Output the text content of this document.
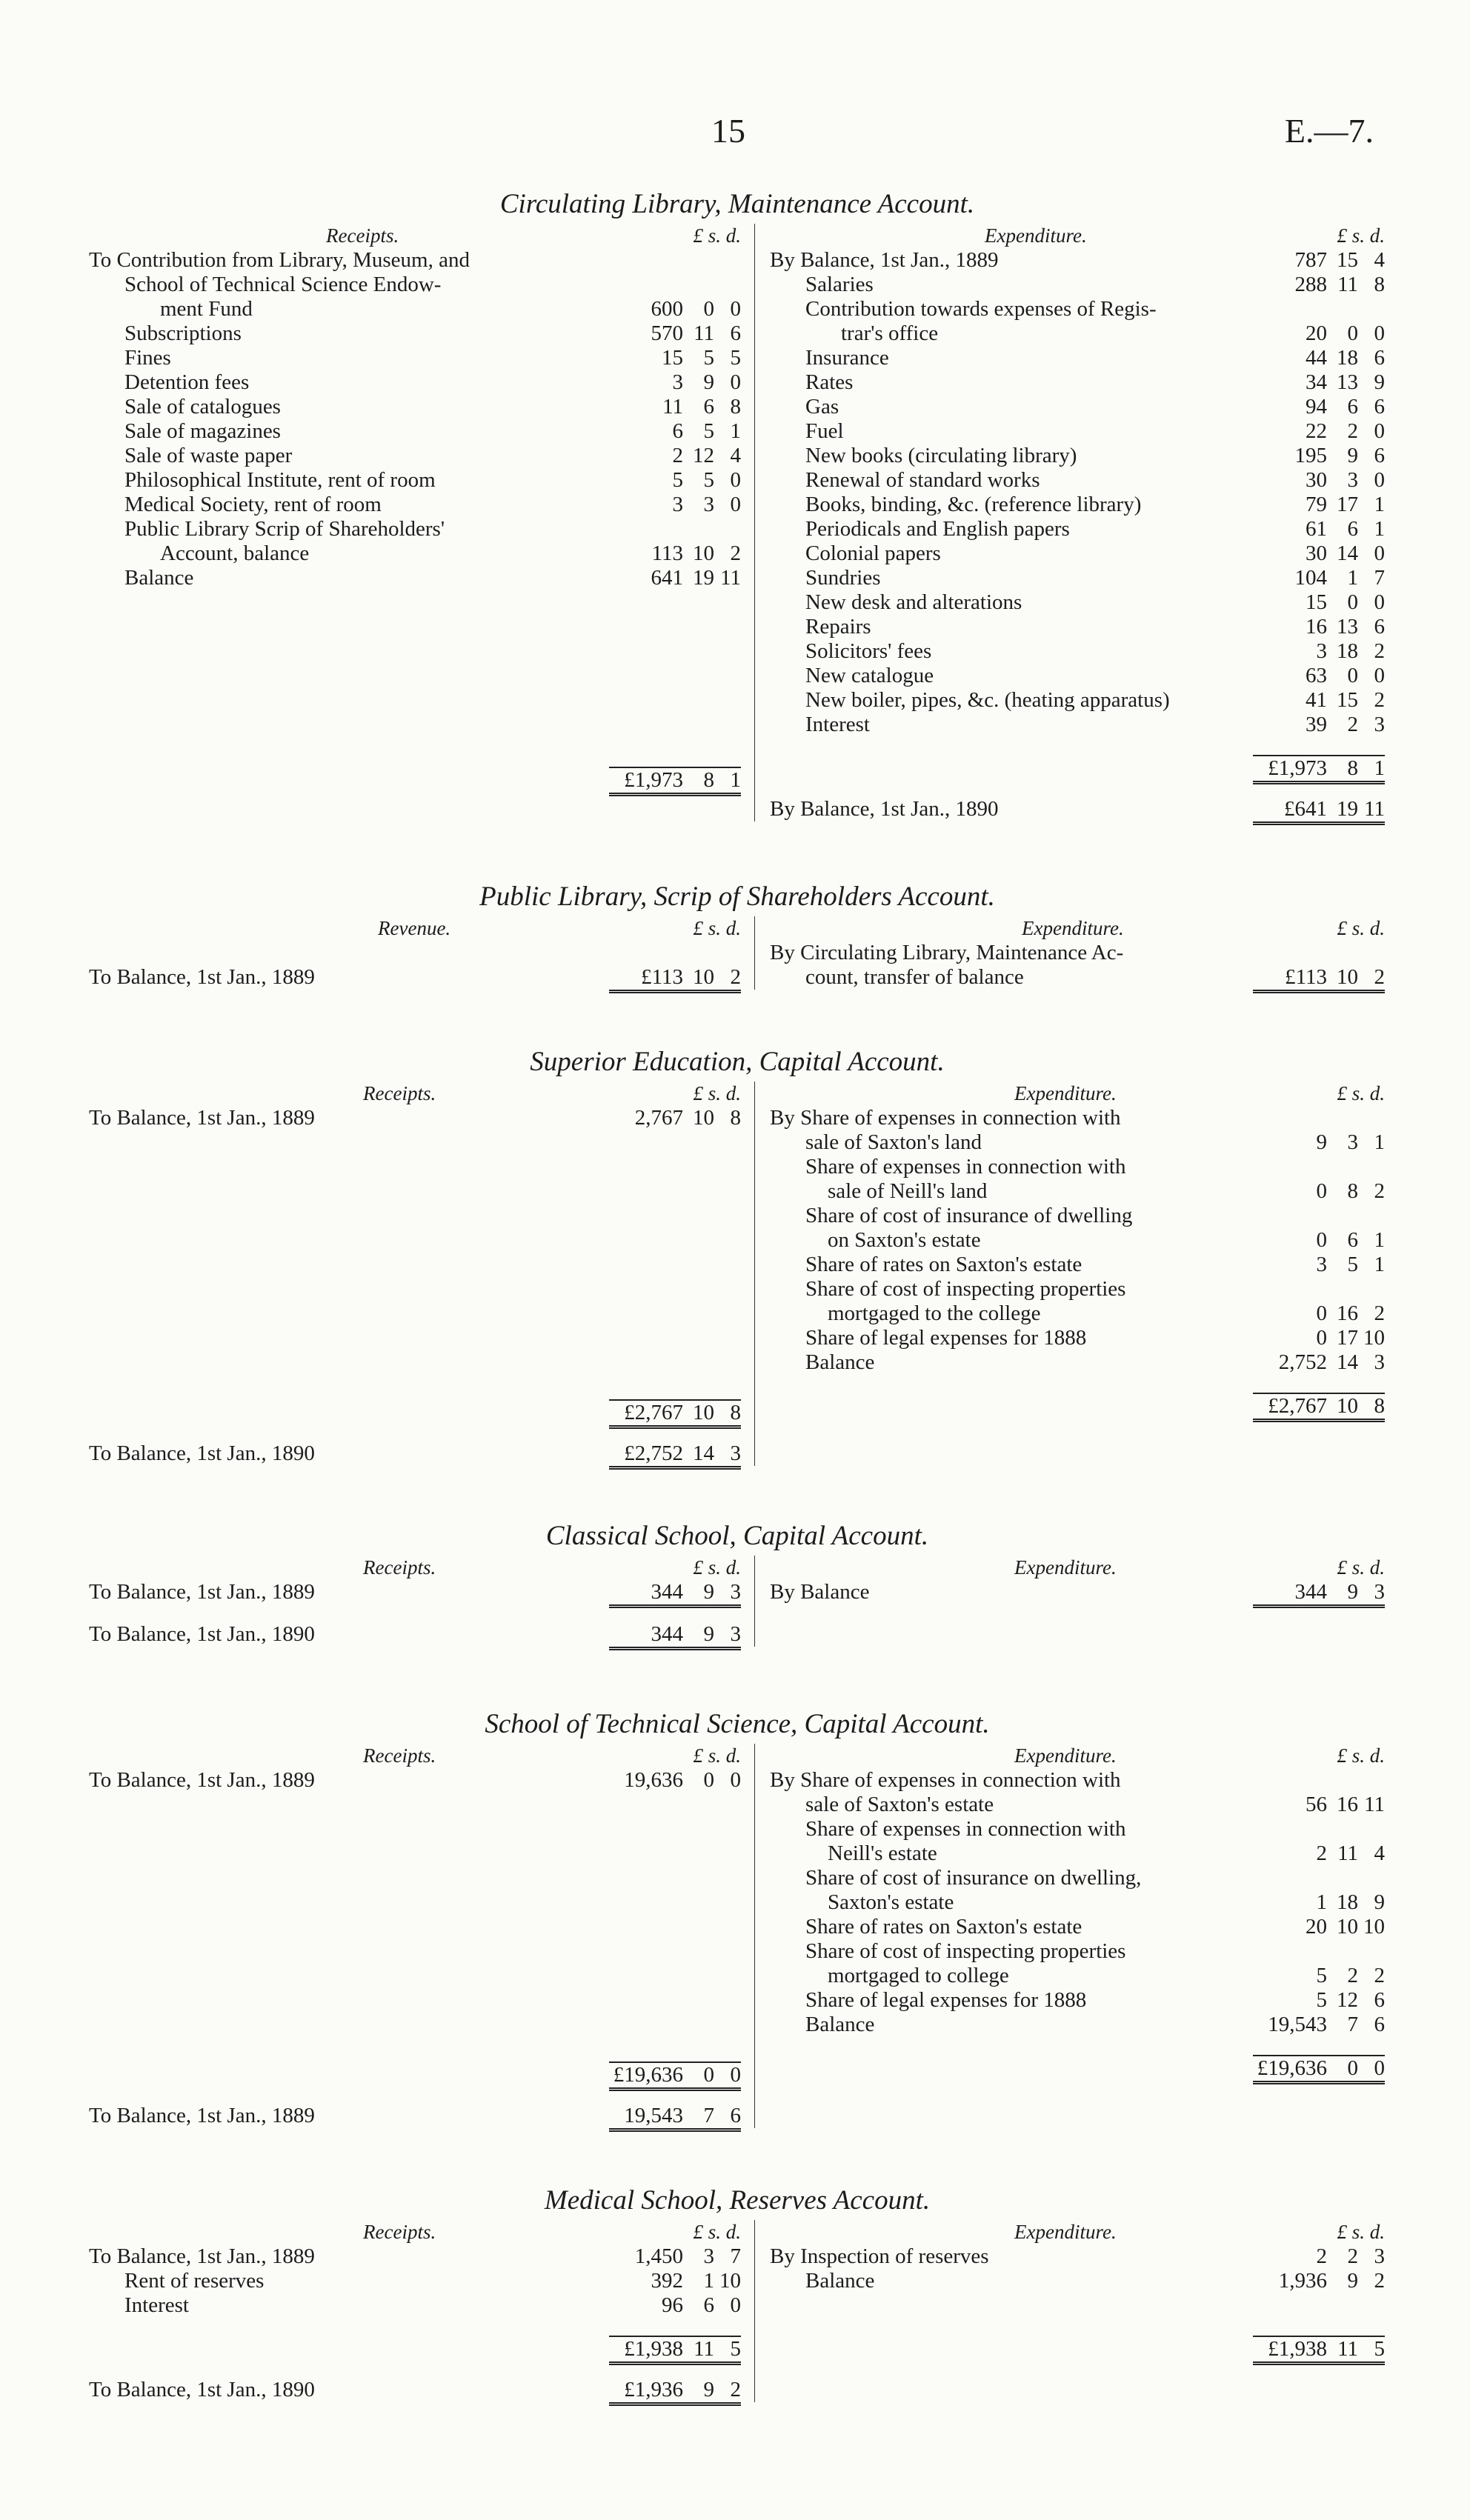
15	E.—7.
Circulating Library, Maintenance Account.
Receipts.	£ s. d.
To Contribution from Library, Museum, and
School of Technical Science Endow-
ment Fund	600 0 0
Subscriptions	570 11 6
Fines	15 5 5
Detention fees	3 9 0
Sale of catalogues	11 6 8
Sale of magazines	6 5 1
Sale of waste paper	2 12 4
Philosophical Institute, rent of room	5 5 0
Medical Society, rent of room	3 3 0
Public Library Scrip of Shareholders'
Account, balance	113 10 2
Balance	641 19 11
£1,973 8 1
Expenditure.	£ s. d.
By Balance, 1st Jan., 1889	787 15 4
Salaries	288 11 8
Contribution towards expenses of Regis-
trar's office	20 0 0
Insurance	44 18 6
Rates	34 13 9
Gas	94 6 6
Fuel	22 2 0
New books (circulating library)	195 9 6
Renewal of standard works	30 3 0
Books, binding, &c. (reference library)	79 17 1
Periodicals and English papers	61 6 1
Colonial papers	30 14 0
Sundries	104 1 7
New desk and alterations	15 0 0
Repairs	16 13 6
Solicitors' fees	3 18 2
New catalogue	63 0 0
New boiler, pipes, &c. (heating apparatus)	41 15 2
Interest	39 2 3
£1,973 8 1
By Balance, 1st Jan., 1890	£641 19 11
Public Library, Scrip of Shareholders Account.
Revenue.	£ s. d.
To Balance, 1st Jan., 1889	£113 10 2
Expenditure.	£ s. d.
By Circulating Library, Maintenance Ac-
count, transfer of balance	£113 10 2
Superior Education, Capital Account.
Receipts.	£ s. d.
To Balance, 1st Jan., 1889	2,767 10 8
£2,767 10 8
To Balance, 1st Jan., 1890	£2,752 14 3
Expenditure.	£ s. d.
By Share of expenses in connection with
sale of Saxton's land	9 3 1
Share of expenses in connection with
sale of Neill's land	0 8 2
Share of cost of insurance of dwelling
on Saxton's estate	0 6 1
Share of rates on Saxton's estate	3 5 1
Share of cost of inspecting properties
mortgaged to the college	0 16 2
Share of legal expenses for 1888	0 17 10
Balance	2,752 14 3
£2,767 10 8
Classical School, Capital Account.
Receipts.	£ s. d.
To Balance, 1st Jan., 1889	344 9 3
To Balance, 1st Jan., 1890	344 9 3
Expenditure.	£ s. d.
By Balance	344 9 3
School of Technical Science, Capital Account.
Receipts.	£ s. d.
To Balance, 1st Jan., 1889	19,636 0 0
£19,636 0 0
To Balance, 1st Jan., 1889	19,543 7 6
Expenditure.	£ s. d.
By Share of expenses in connection with
sale of Saxton's estate	56 16 11
Share of expenses in connection with
Neill's estate	2 11 4
Share of cost of insurance on dwelling,
Saxton's estate	1 18 9
Share of rates on Saxton's estate	20 10 10
Share of cost of inspecting properties
mortgaged to college	5 2 2
Share of legal expenses for 1888	5 12 6
Balance	19,543 7 6
£19,636 0 0
Medical School, Reserves Account.
Receipts.	£ s. d.
To Balance, 1st Jan., 1889	1,450 3 7
Rent of reserves	392 1 10
Interest	96 6 0
£1,938 11 5
To Balance, 1st Jan., 1890	£1,936 9 2
Expenditure.	£ s. d.
By Inspection of reserves	2 2 3
Balance	1,936 9 2
£1,938 11 5
